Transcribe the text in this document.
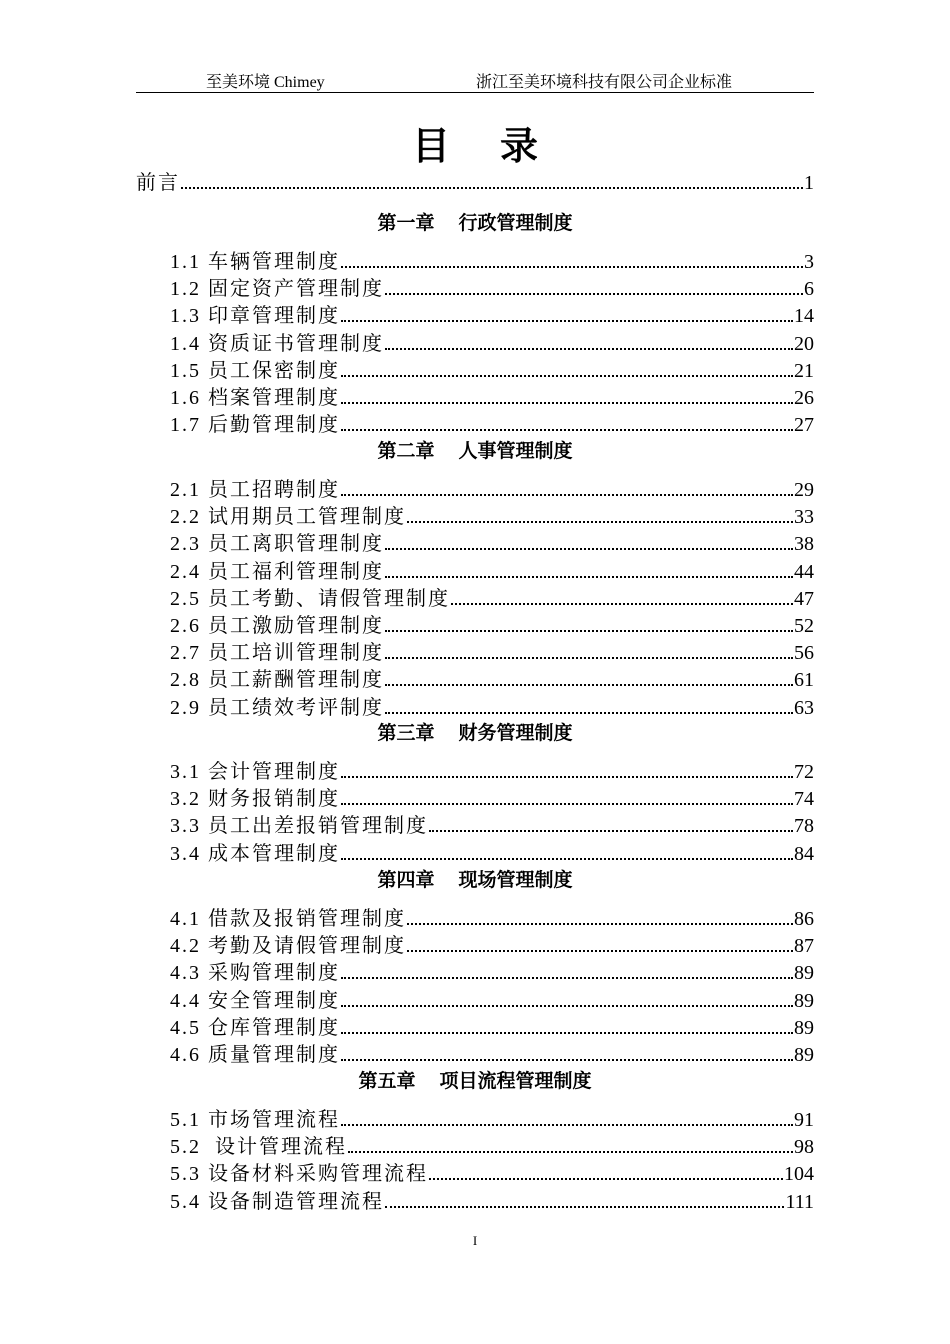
至美环境 Chimey	浙江至美环境科技有限公司企业标准
目 录
前言	1
第一章 行政管理制度
1.1 车辆管理制度	3
1.2 固定资产管理制度	6
1.3 印章管理制度	14
1.4 资质证书管理制度	20
1.5 员工保密制度	21
1.6 档案管理制度	26
1.7 后勤管理制度	27
第二章 人事管理制度
2.1 员工招聘制度	29
2.2 试用期员工管理制度	33
2.3 员工离职管理制度	38
2.4 员工福利管理制度	44
2.5 员工考勤、请假管理制度	47
2.6 员工激励管理制度	52
2.7 员工培训管理制度	56
2.8 员工薪酬管理制度	61
2.9 员工绩效考评制度	63
第三章 财务管理制度
3.1 会计管理制度	72
3.2 财务报销制度	74
3.3 员工出差报销管理制度	78
3.4 成本管理制度	84
第四章 现场管理制度
4.1 借款及报销管理制度	86
4.2 考勤及请假管理制度	87
4.3 采购管理制度	89
4.4 安全管理制度	89
4.5 仓库管理制度	89
4.6 质量管理制度	89
第五章 项目流程管理制度
5.1 市场管理流程	91
5.2  设计管理流程	98
5.3 设备材料采购管理流程	104
5.4 设备制造管理流程	111
I
